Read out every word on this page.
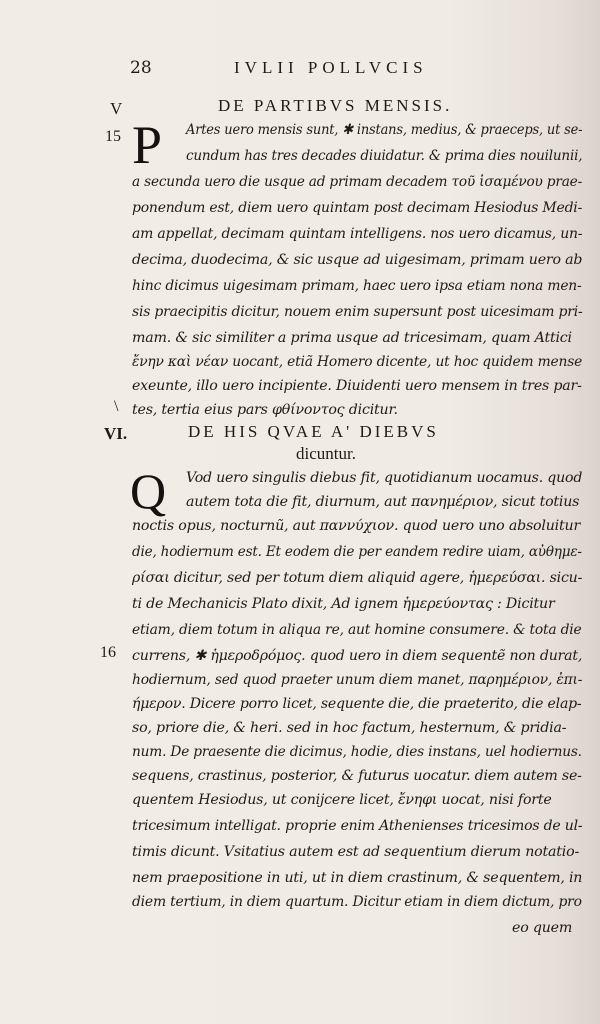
28	IVLII POLLVCIS
V
15
DE PARTIBVS MENSIS.
P Artes uero mensis sunt, ✱ instans, medius, & praeceps, ut se-
cundum has tres decades diuidatur. & prima dies nouilunii,
a secunda uero die usque ad primam decadem τοῦ ἱσαμένου prae-
ponendum est, diem uero quintam post decimam Hesiodus Medi-
am appellat, decimam quintam intelligens. nos uero dicamus, un-
decima, duodecima, & sic usque ad uigesimam, primam uero ab
hinc dicimus uigesimam primam, haec uero ipsa etiam nona men-
sis praecipitis dicitur, nouem enim supersunt post uicesimam pri-
mam. & sic similiter a prima usque ad tricesimam, quam Attici
ἔνην καὶ νέαν uocant, etiã Homero dicente, ut hoc quidem mense
exeunte, illo uero incipiente. Diuidenti uero mensem in tres par-
tes, tertia eius pars φθίνοντος dicitur.
\
VI.	DE HIS QVAE A' DIEBVS
dicuntur.
Q Vod uero singulis diebus fit, quotidianum uocamus. quod
autem tota die fit, diurnum, aut πανημέριον, sicut totius
noctis opus, nocturnũ, aut παννύχιον. quod uero uno absoluitur
die, hodiernum est. Et eodem die per eandem redire uiam, αὐθημε-
ρίσαι dicitur, sed per totum diem aliquid agere, ἡμερεύσαι. sicu-
ti de Mechanicis Plato dixit, Ad ignem ἡμερεύοντας : Dicitur
etiam, diem totum in aliqua re, aut homine consumere. & tota die
currens, ✱ ἡμεροδρόμος. quod uero in diem sequentẽ non durat,
hodiernum, sed quod praeter unum diem manet, παρημέριον, ἐπι-
ήμερον. Dicere porro licet, sequente die, die praeterito, die elap-
so, priore die, & heri. sed in hoc factum, hesternum, & pridia-
num. De praesente die dicimus, hodie, dies instans, uel hodiernus.
sequens, crastinus, posterior, & futurus uocatur. diem autem se-
quentem Hesiodus, ut conijcere licet, ἔνηφι uocat, nisi forte
tricesimum intelligat. proprie enim Athenienses tricesimos de ul-
timis dicunt. Vsitatius autem est ad sequentium dierum notatio-
nem praepositione in uti, ut in diem crastinum, & sequentem, in
diem tertium, in diem quartum. Dicitur etiam in diem dictum, pro
16
eo quem
